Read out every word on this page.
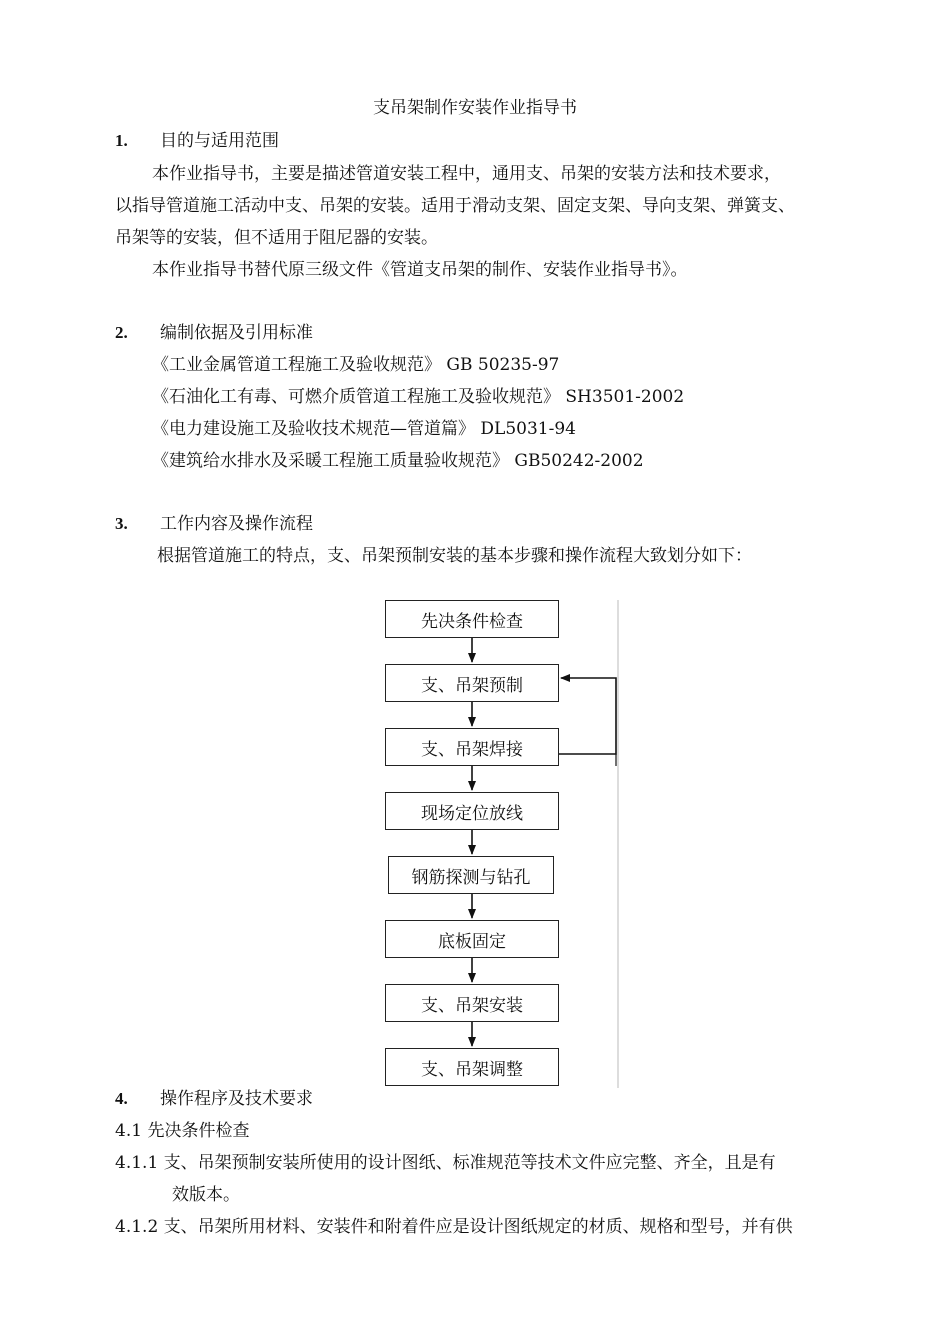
支吊架制作安装作业指导书
1. 目的与适用范围
本作业指导书，主要是描述管道安装工程中，通用支、吊架的安装方法和技术要求，
以指导管道施工活动中支、吊架的安装。适用于滑动支架、固定支架、导向支架、弹簧支、
吊架等的安装，但不适用于阻尼器的安装。
本作业指导书替代原三级文件《管道支吊架的制作、安装作业指导书》。
2. 编制依据及引用标准
《工业金属管道工程施工及验收规范》 GB 50235-97
《石油化工有毒、可燃介质管道工程施工及验收规范》 SH3501-2002
《电力建设施工及验收技术规范—管道篇》 DL5031-94
《建筑给水排水及采暖工程施工质量验收规范》 GB50242-2002
3. 工作内容及操作流程
根据管道施工的特点，支、吊架预制安装的基本步骤和操作流程大致划分如下：
先决条件检查
支、吊架预制
支、吊架焊接
现场定位放线
钢筋探测与钻孔
底板固定
支、吊架安装
支、吊架调整
4. 操作程序及技术要求
4.1 先决条件检查
4.1.1 支、吊架预制安装所使用的设计图纸、标准规范等技术文件应完整、齐全，且是有
效版本。
4.1.2 支、吊架所用材料、安装件和附着件应是设计图纸规定的材质、规格和型号，并有供
